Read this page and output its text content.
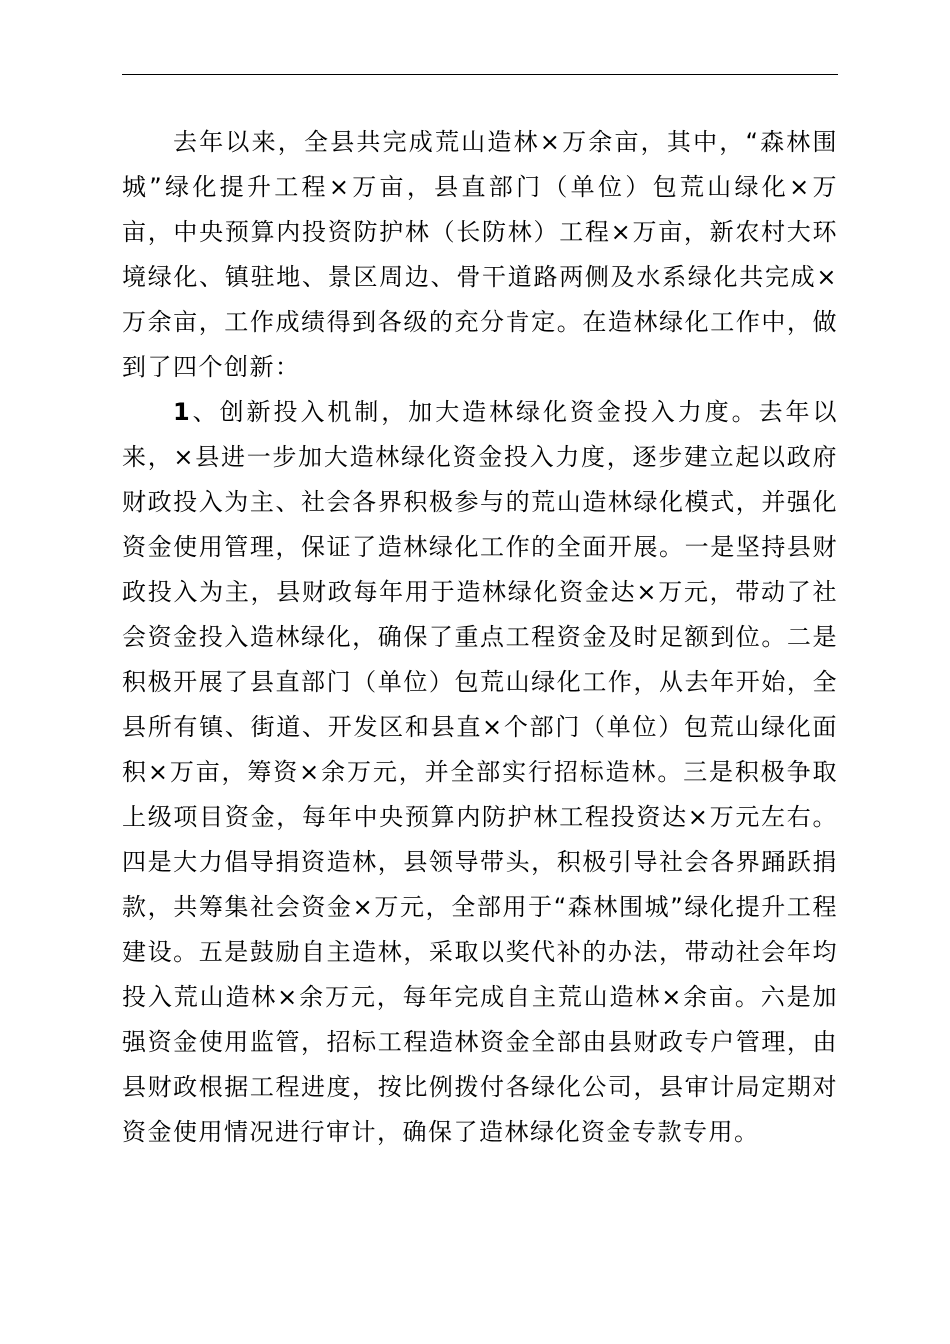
去年以来，全县共完成荒山造林×万余亩，其中，“森林围城”绿化提升工程×万亩，县直部门（单位）包荒山绿化×万亩，中央预算内投资防护林（长防林）工程×万亩，新农村大环境绿化、镇驻地、景区周边、骨干道路两侧及水系绿化共完成×万余亩，工作成绩得到各级的充分肯定。在造林绿化工作中，做到了四个创新：

1、创新投入机制，加大造林绿化资金投入力度。去年以来，×县进一步加大造林绿化资金投入力度，逐步建立起以政府财政投入为主、社会各界积极参与的荒山造林绿化模式，并强化资金使用管理，保证了造林绿化工作的全面开展。一是坚持县财政投入为主，县财政每年用于造林绿化资金达×万元，带动了社会资金投入造林绿化，确保了重点工程资金及时足额到位。二是积极开展了县直部门（单位）包荒山绿化工作，从去年开始，全县所有镇、街道、开发区和县直×个部门（单位）包荒山绿化面积×万亩，筹资×余万元，并全部实行招标造林。三是积极争取上级项目资金，每年中央预算内防护林工程投资达×万元左右。四是大力倡导捐资造林，县领导带头，积极引导社会各界踊跃捐款，共筹集社会资金×万元，全部用于“森林围城”绿化提升工程建设。五是鼓励自主造林，采取以奖代补的办法，带动社会年均投入荒山造林×余万元，每年完成自主荒山造林×余亩。六是加强资金使用监管，招标工程造林资金全部由县财政专户管理，由县财政根据工程进度，按比例拨付各绿化公司，县审计局定期对资金使用情况进行审计，确保了造林绿化资金专款专用。
